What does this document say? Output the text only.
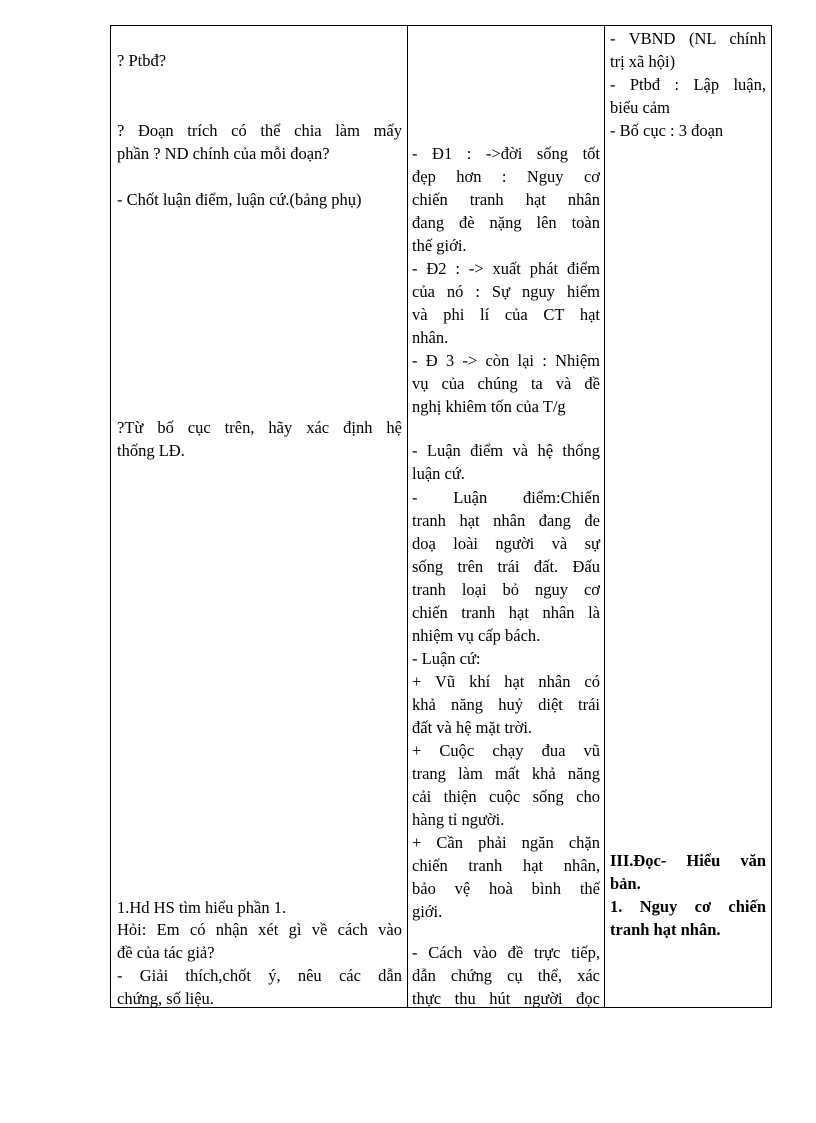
? Ptbđ?

? Đoạn trích có thể chia làm mấy
phần ? ND chính của mỗi đoạn?

- Chốt luận điểm, luận cứ.(bảng phụ)

?Từ bố cục trên, hãy xác định hệ
thống LĐ.

1.Hd HS tìm hiểu phần 1.

Hỏi: Em có nhận xét gì về cách vào
đề của tác giả?

- Giải thích,chốt ý, nêu các dẫn
chứng, số liệu.

- Đ1 : ->đời sống tốt
đẹp hơn : Nguy cơ
chiến tranh hạt nhân
đang đè nặng lên toàn
thế giới.

- Đ2 : -> xuất phát điểm
của nó : Sự nguy hiểm
và phi lí của CT hạt
nhân.

- Đ 3 -> còn lại : Nhiệm
vụ của chúng ta và đề
nghị khiêm tốn của T/g

- Luận điểm và hệ thống
luận cứ.

-     Luận     điểm:Chiến
tranh hạt nhân đang đe
doạ loài người và sự
sống trên trái đất. Đấu
tranh loại bỏ nguy cơ
chiến tranh hạt nhân là
nhiệm vụ cấp bách.

- Luận cứ:

+ Vũ khí hạt nhân có
khả năng huỷ diệt trái
đất và hệ mặt trời.

+ Cuộc chạy đua vũ
trang làm mất khả năng
cải thiện cuộc sống cho
hàng tỉ người.

+ Cần phải ngăn chặn
chiến tranh hạt nhân,
bảo vệ hoà bình thế
giới.

- Cách vào đề trực tiếp,
dẫn chứng cụ thể, xác
thực thu hút người đọc

- VBND (NL chính
trị xã hội)

- Ptbđ : Lập luận,
biểu cảm

- Bố cục : 3 đoạn

III.Đọc- Hiểu văn
bản.

1. Nguy cơ chiến
tranh hạt nhân.
